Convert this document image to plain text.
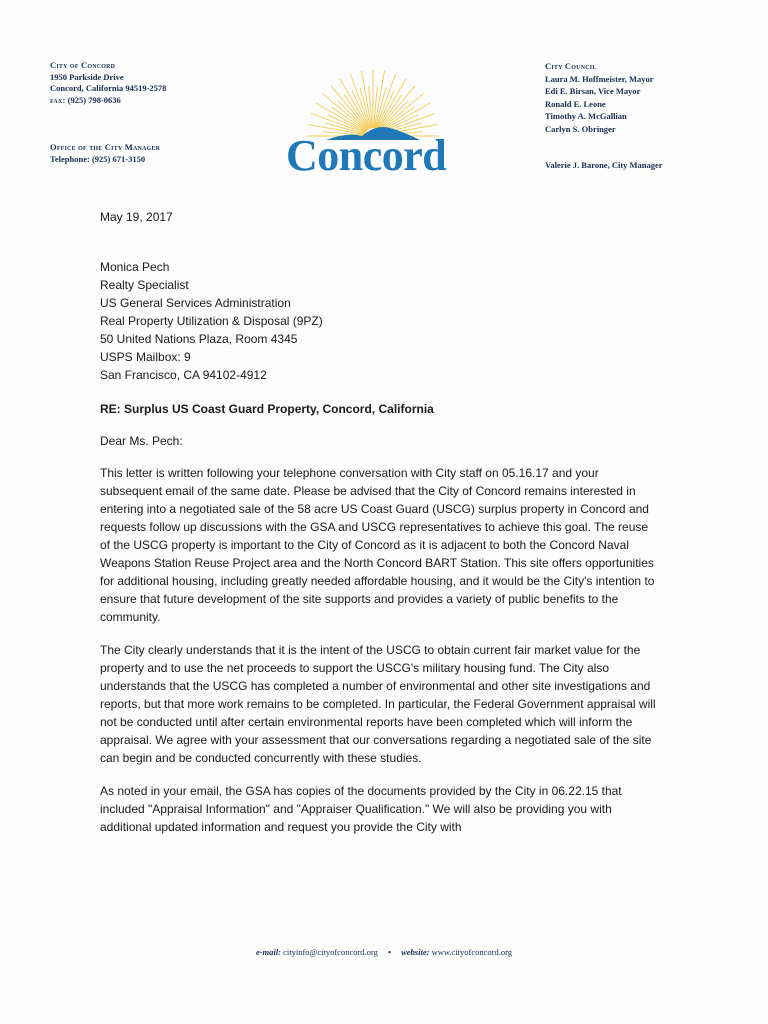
City of Concord
1950 Parkside Drive
Concord, California 94519-2578
fax: (925) 798-0636
Office of the City Manager
Telephone: (925) 671-3150	Concord
City Council
Laura M. Hoffmeister, Mayor
Edi E. Birsan, Vice Mayor
Ronald E. Leone
Timothy A. McGallian
Carlyn S. Obringer
Valerie J. Barone, City Manager

May 19, 2017

Monica Pech

Realty Specialist

US General Services Administration

Real Property Utilization & Disposal (9PZ)

50 United Nations Plaza, Room 4345

USPS Mailbox: 9

San Francisco, CA 94102-4912

RE: Surplus US Coast Guard Property, Concord, California

Dear Ms. Pech:

This letter is written following your telephone conversation with City staff on 05.16.17 and your subsequent email of the same date. Please be advised that the City of Concord remains interested in entering into a negotiated sale of the 58 acre US Coast Guard (USCG) surplus property in Concord and requests follow up discussions with the GSA and USCG representatives to achieve this goal. The reuse of the USCG property is important to the City of Concord as it is adjacent to both the Concord Naval Weapons Station Reuse Project area and the North Concord BART Station. This site offers opportunities for additional housing, including greatly needed affordable housing, and it would be the City's intention to ensure that future development of the site supports and provides a variety of public benefits to the community.

The City clearly understands that it is the intent of the USCG to obtain current fair market value for the property and to use the net proceeds to support the USCG's military housing fund. The City also understands that the USCG has completed a number of environmental and other site investigations and reports, but that more work remains to be completed. In particular, the Federal Government appraisal will not be conducted until after certain environmental reports have been completed which will inform the appraisal. We agree with your assessment that our conversations regarding a negotiated sale of the site can begin and be conducted concurrently with these studies.

As noted in your email, the GSA has copies of the documents provided by the City in 06.22.15 that included "Appraisal Information" and "Appraiser Qualification." We will also be providing you with additional updated information and request you provide the City with

e-mail: cityinfo@cityofconcord.org • website: www.cityofconcord.org
